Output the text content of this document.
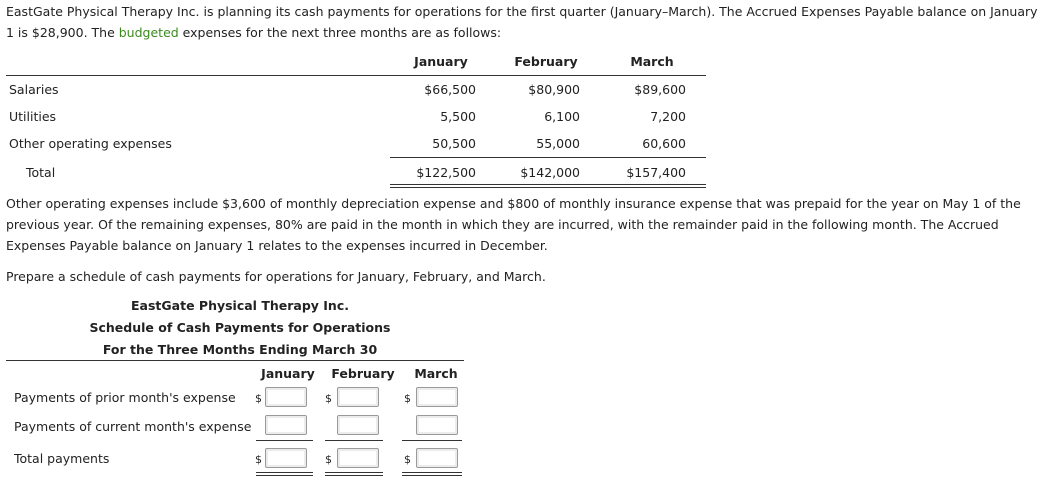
EastGate Physical Therapy Inc. is planning its cash payments for operations for the first quarter (January–March). The Accrued Expenses Payable balance on January 1 is $28,900. The budgeted expenses for the next three months are as follows:
January	February	March
Salaries	$66,500	$80,900	$89,600
Utilities	5,500	6,100	7,200
Other operating expenses	50,500	55,000	60,600
Total	$122,500	$142,000	$157,400
Other operating expenses include $3,600 of monthly depreciation expense and $800 of monthly insurance expense that was prepaid for the year on May 1 of the previous year. Of the remaining expenses, 80% are paid in the month in which they are incurred, with the remainder paid in the following month. The Accrued Expenses Payable balance on January 1 relates to the expenses incurred in December.
Prepare a schedule of cash payments for operations for January, February, and March.
EastGate Physical Therapy Inc.
Schedule of Cash Payments for Operations
For the Three Months Ending March 30
January	February	March
Payments of prior month's expense $	$	$
Payments of current month's expense
Total payments	$	$	$
